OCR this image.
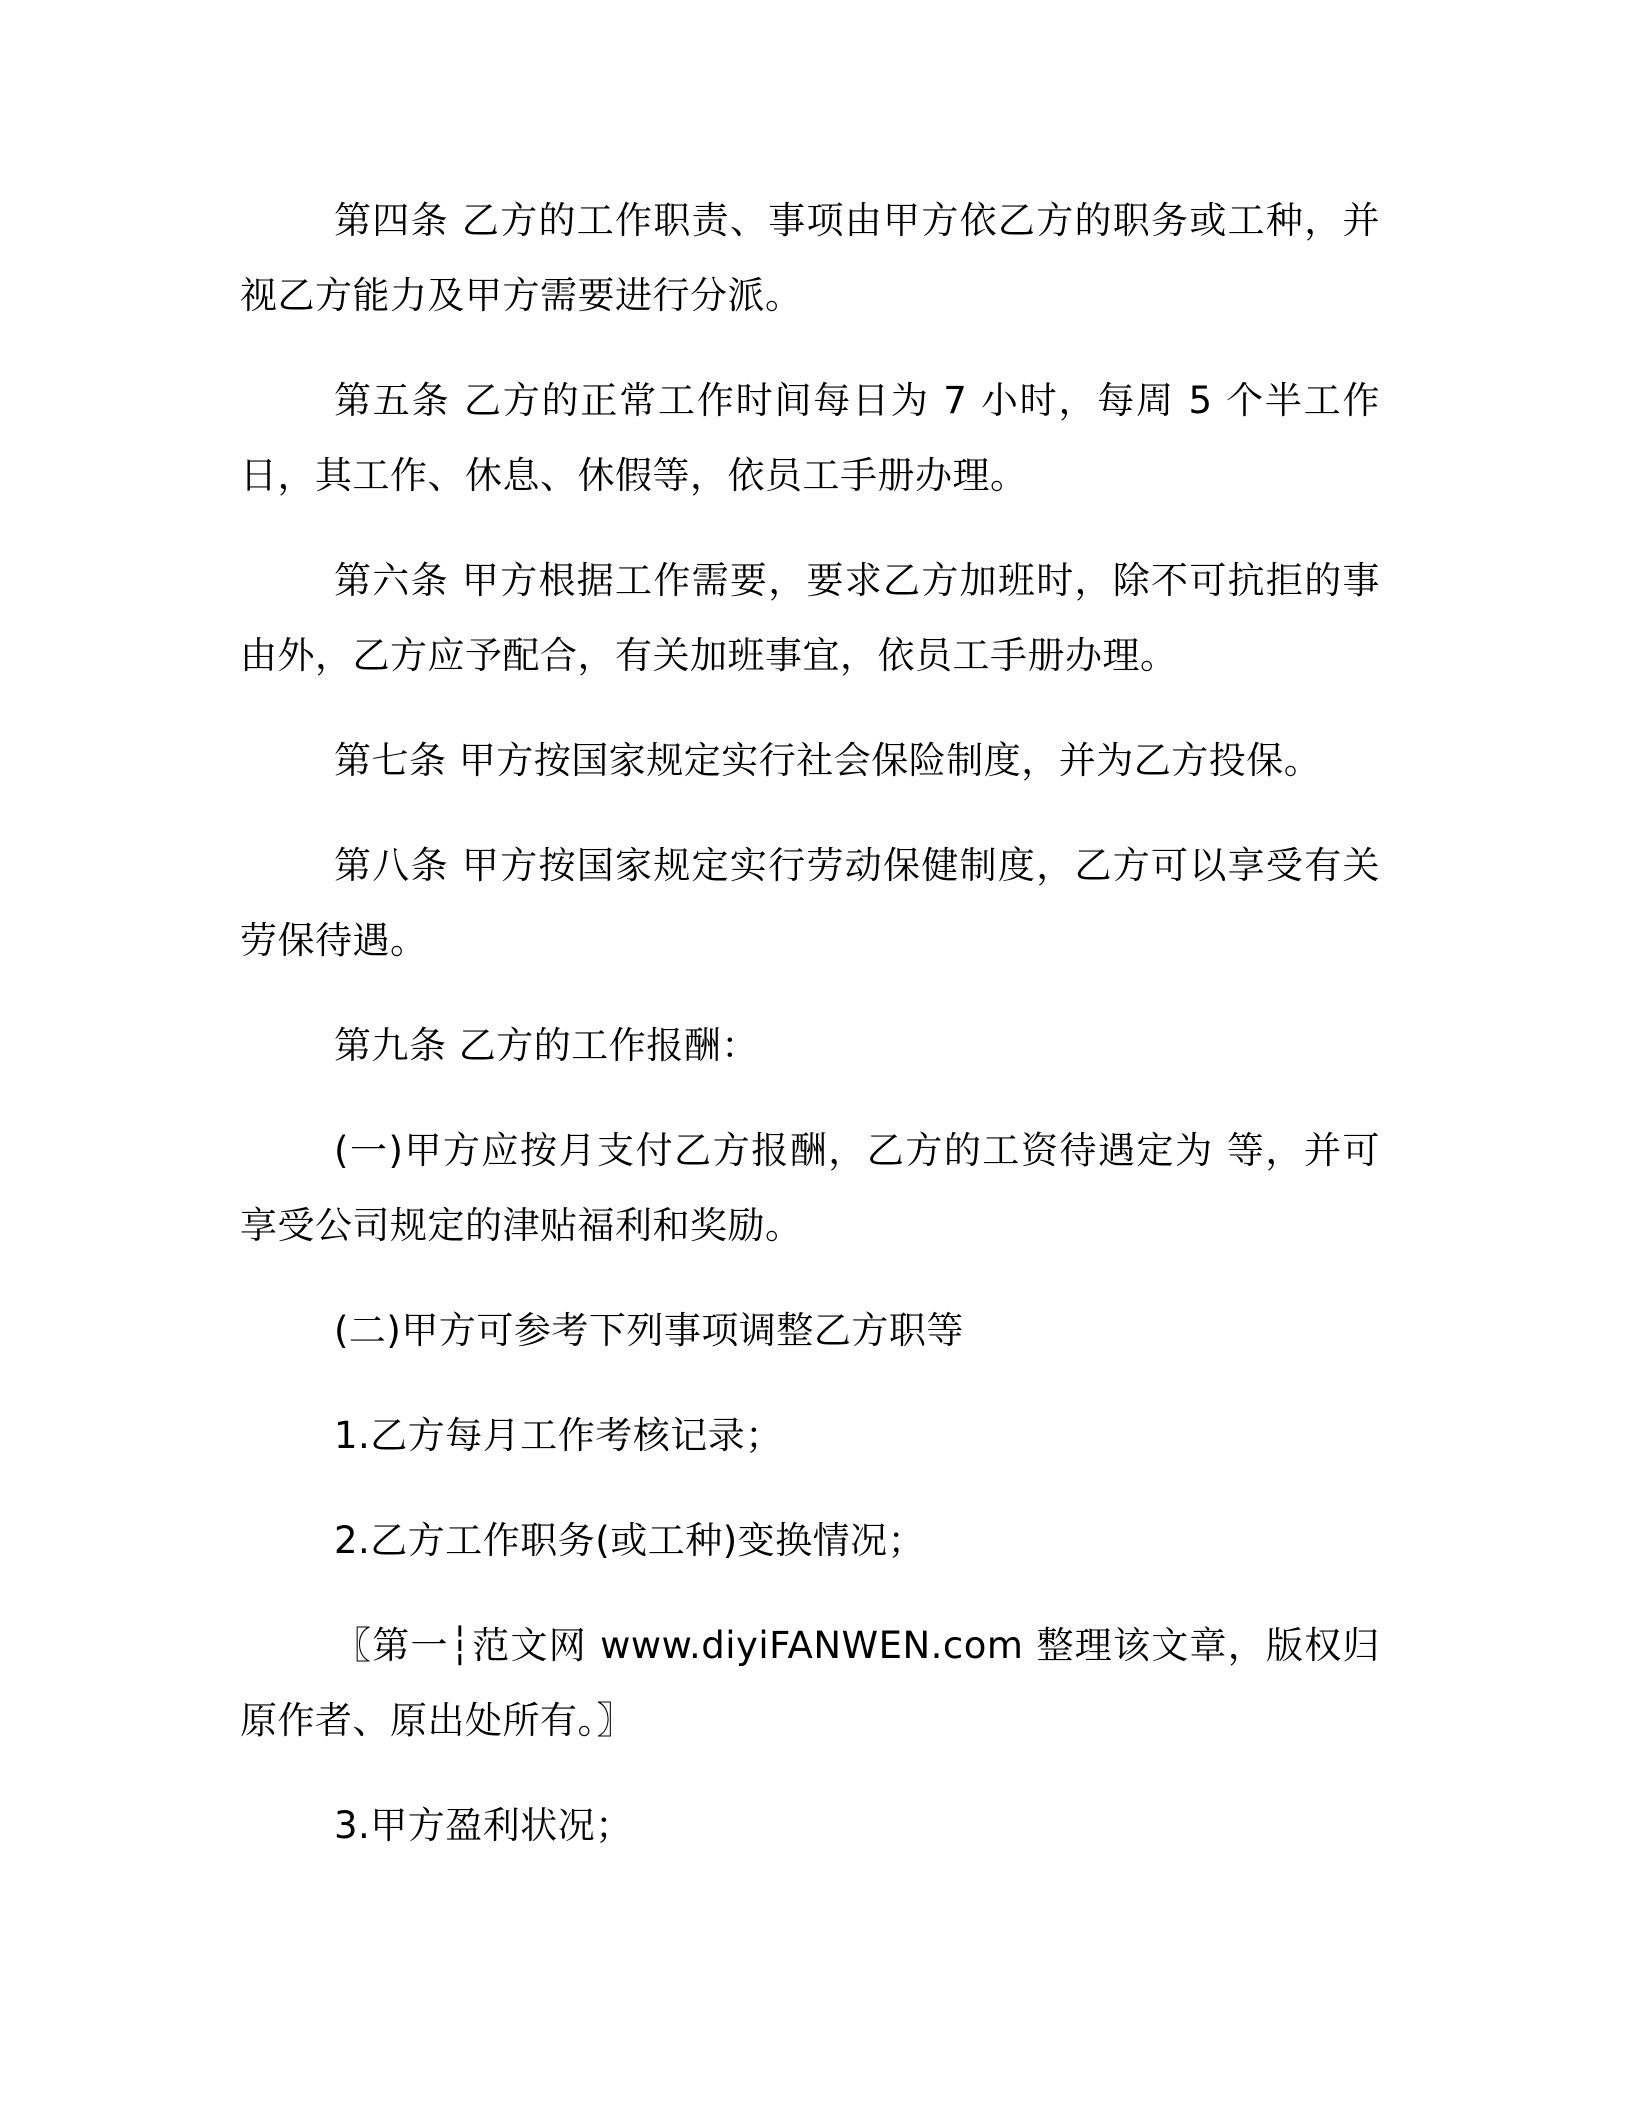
第四条 乙方的工作职责、事项由甲方依乙方的职务或工种，并视乙方能力及甲方需要进行分派。

第五条 乙方的正常工作时间每日为 7 小时，每周 5 个半工作日，其工作、休息、休假等，依员工手册办理。

第六条 甲方根据工作需要，要求乙方加班时，除不可抗拒的事由外，乙方应予配合，有关加班事宜，依员工手册办理。

第七条 甲方按国家规定实行社会保险制度，并为乙方投保。

第八条 甲方按国家规定实行劳动保健制度，乙方可以享受有关劳保待遇。

第九条 乙方的工作报酬：

(一)甲方应按月支付乙方报酬，乙方的工资待遇定为 等，并可享受公司规定的津贴福利和奖励。

(二)甲方可参考下列事项调整乙方职等

1.乙方每月工作考核记录；

2.乙方工作职务(或工种)变换情况；

〖第一┆范文网 www.diyiFANWEN.com 整理该文章，版权归原作者、原出处所有。〗

3.甲方盈利状况；
